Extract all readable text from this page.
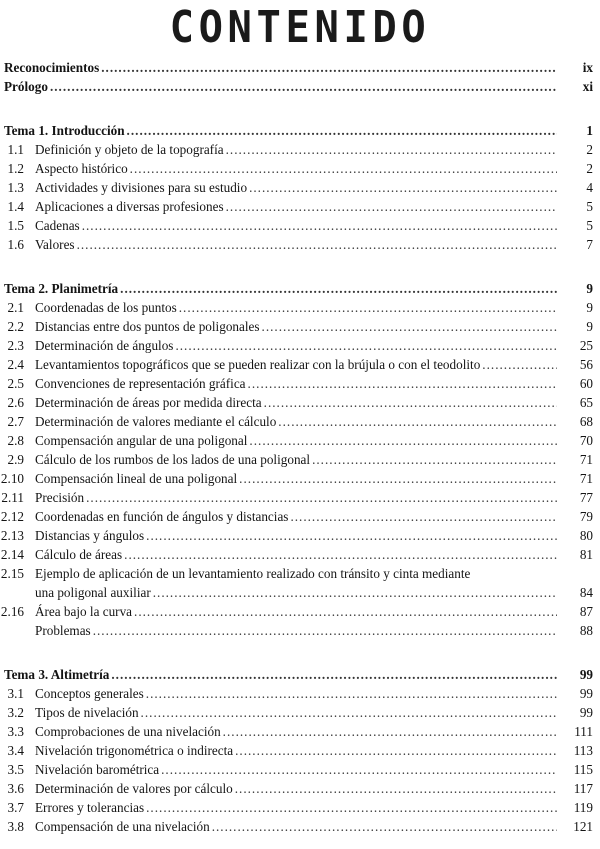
CONTENIDO
Reconocimientos .....	ix
Prólogo .....	xi
Tema 1. Introducción .....	1
1.1 Definición y objeto de la topografía .....	2
1.2 Aspecto histórico .....	2
1.3 Actividades y divisiones para su estudio .....	4
1.4 Aplicaciones a diversas profesiones .....	5
1.5 Cadenas .....	5
1.6 Valores .....	7
Tema 2. Planimetría .....	9
2.1 Coordenadas de los puntos .....	9
2.2 Distancias entre dos puntos de poligonales .....	9
2.3 Determinación de ángulos .....	25
2.4 Levantamientos topográficos que se pueden realizar con la brújula o con el teodolito .....	56
2.5 Convenciones de representación gráfica .....	60
2.6 Determinación de áreas por medida directa .....	65
2.7 Determinación de valores mediante el cálculo .....	68
2.8 Compensación angular de una poligonal .....	70
2.9 Cálculo de los rumbos de los lados de una poligonal .....	71
2.10 Compensación lineal de una poligonal .....	71
2.11 Precisión .....	77
2.12 Coordenadas en función de ángulos y distancias .....	79
2.13 Distancias y ángulos .....	80
2.14 Cálculo de áreas .....	81
2.15 Ejemplo de aplicación de un levantamiento realizado con tránsito y cinta mediante
una poligonal auxiliar .....	84
2.16 Área bajo la curva .....	87
Problemas .....	88
Tema 3. Altimetría .....	99
3.1 Conceptos generales .....	99
3.2 Tipos de nivelación .....	99
3.3 Comprobaciones de una nivelación .....	111
3.4 Nivelación trigonométrica o indirecta .....	113
3.5 Nivelación barométrica .....	115
3.6 Determinación de valores por cálculo .....	117
3.7 Errores y tolerancias .....	119
3.8 Compensación de una nivelación .....	121
